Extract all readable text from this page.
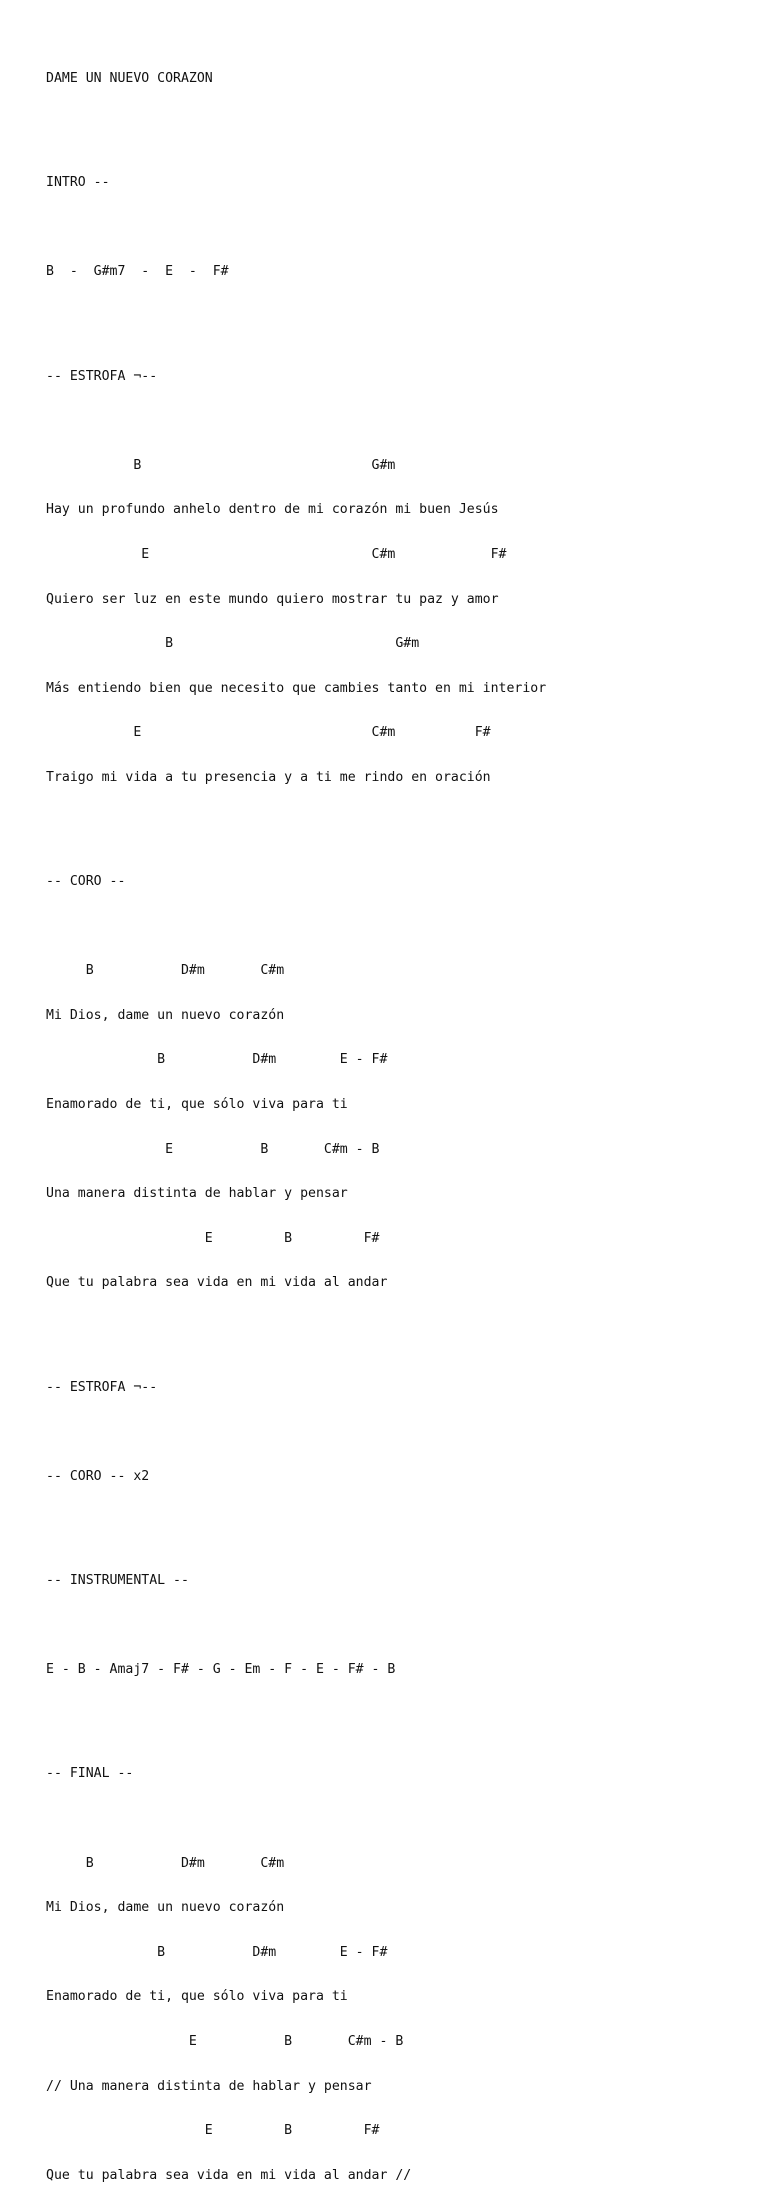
DAME UN NUEVO CORAZON

INTRO --

B  -  G#m7  -  E  -  F#

-- ESTROFA ¬--

B                             G#m

Hay un profundo anhelo dentro de mi corazón mi buen Jesús

E                            C#m            F#

Quiero ser luz en este mundo quiero mostrar tu paz y amor

B                            G#m

Más entiendo bien que necesito que cambies tanto en mi interior

E                             C#m          F#

Traigo mi vida a tu presencia y a ti me rindo en oración

-- CORO --

B           D#m       C#m

Mi Dios, dame un nuevo corazón

B           D#m        E - F#

Enamorado de ti, que sólo viva para ti

E           B       C#m - B

Una manera distinta de hablar y pensar

E         B         F#

Que tu palabra sea vida en mi vida al andar

-- ESTROFA ¬--

-- CORO -- x2

-- INSTRUMENTAL --

E - B - Amaj7 - F# - G - Em - F - E - F# - B

-- FINAL --

B           D#m       C#m

Mi Dios, dame un nuevo corazón

B           D#m        E - F#

Enamorado de ti, que sólo viva para ti

E           B       C#m - B

// Una manera distinta de hablar y pensar

E         B         F#

Que tu palabra sea vida en mi vida al andar //
